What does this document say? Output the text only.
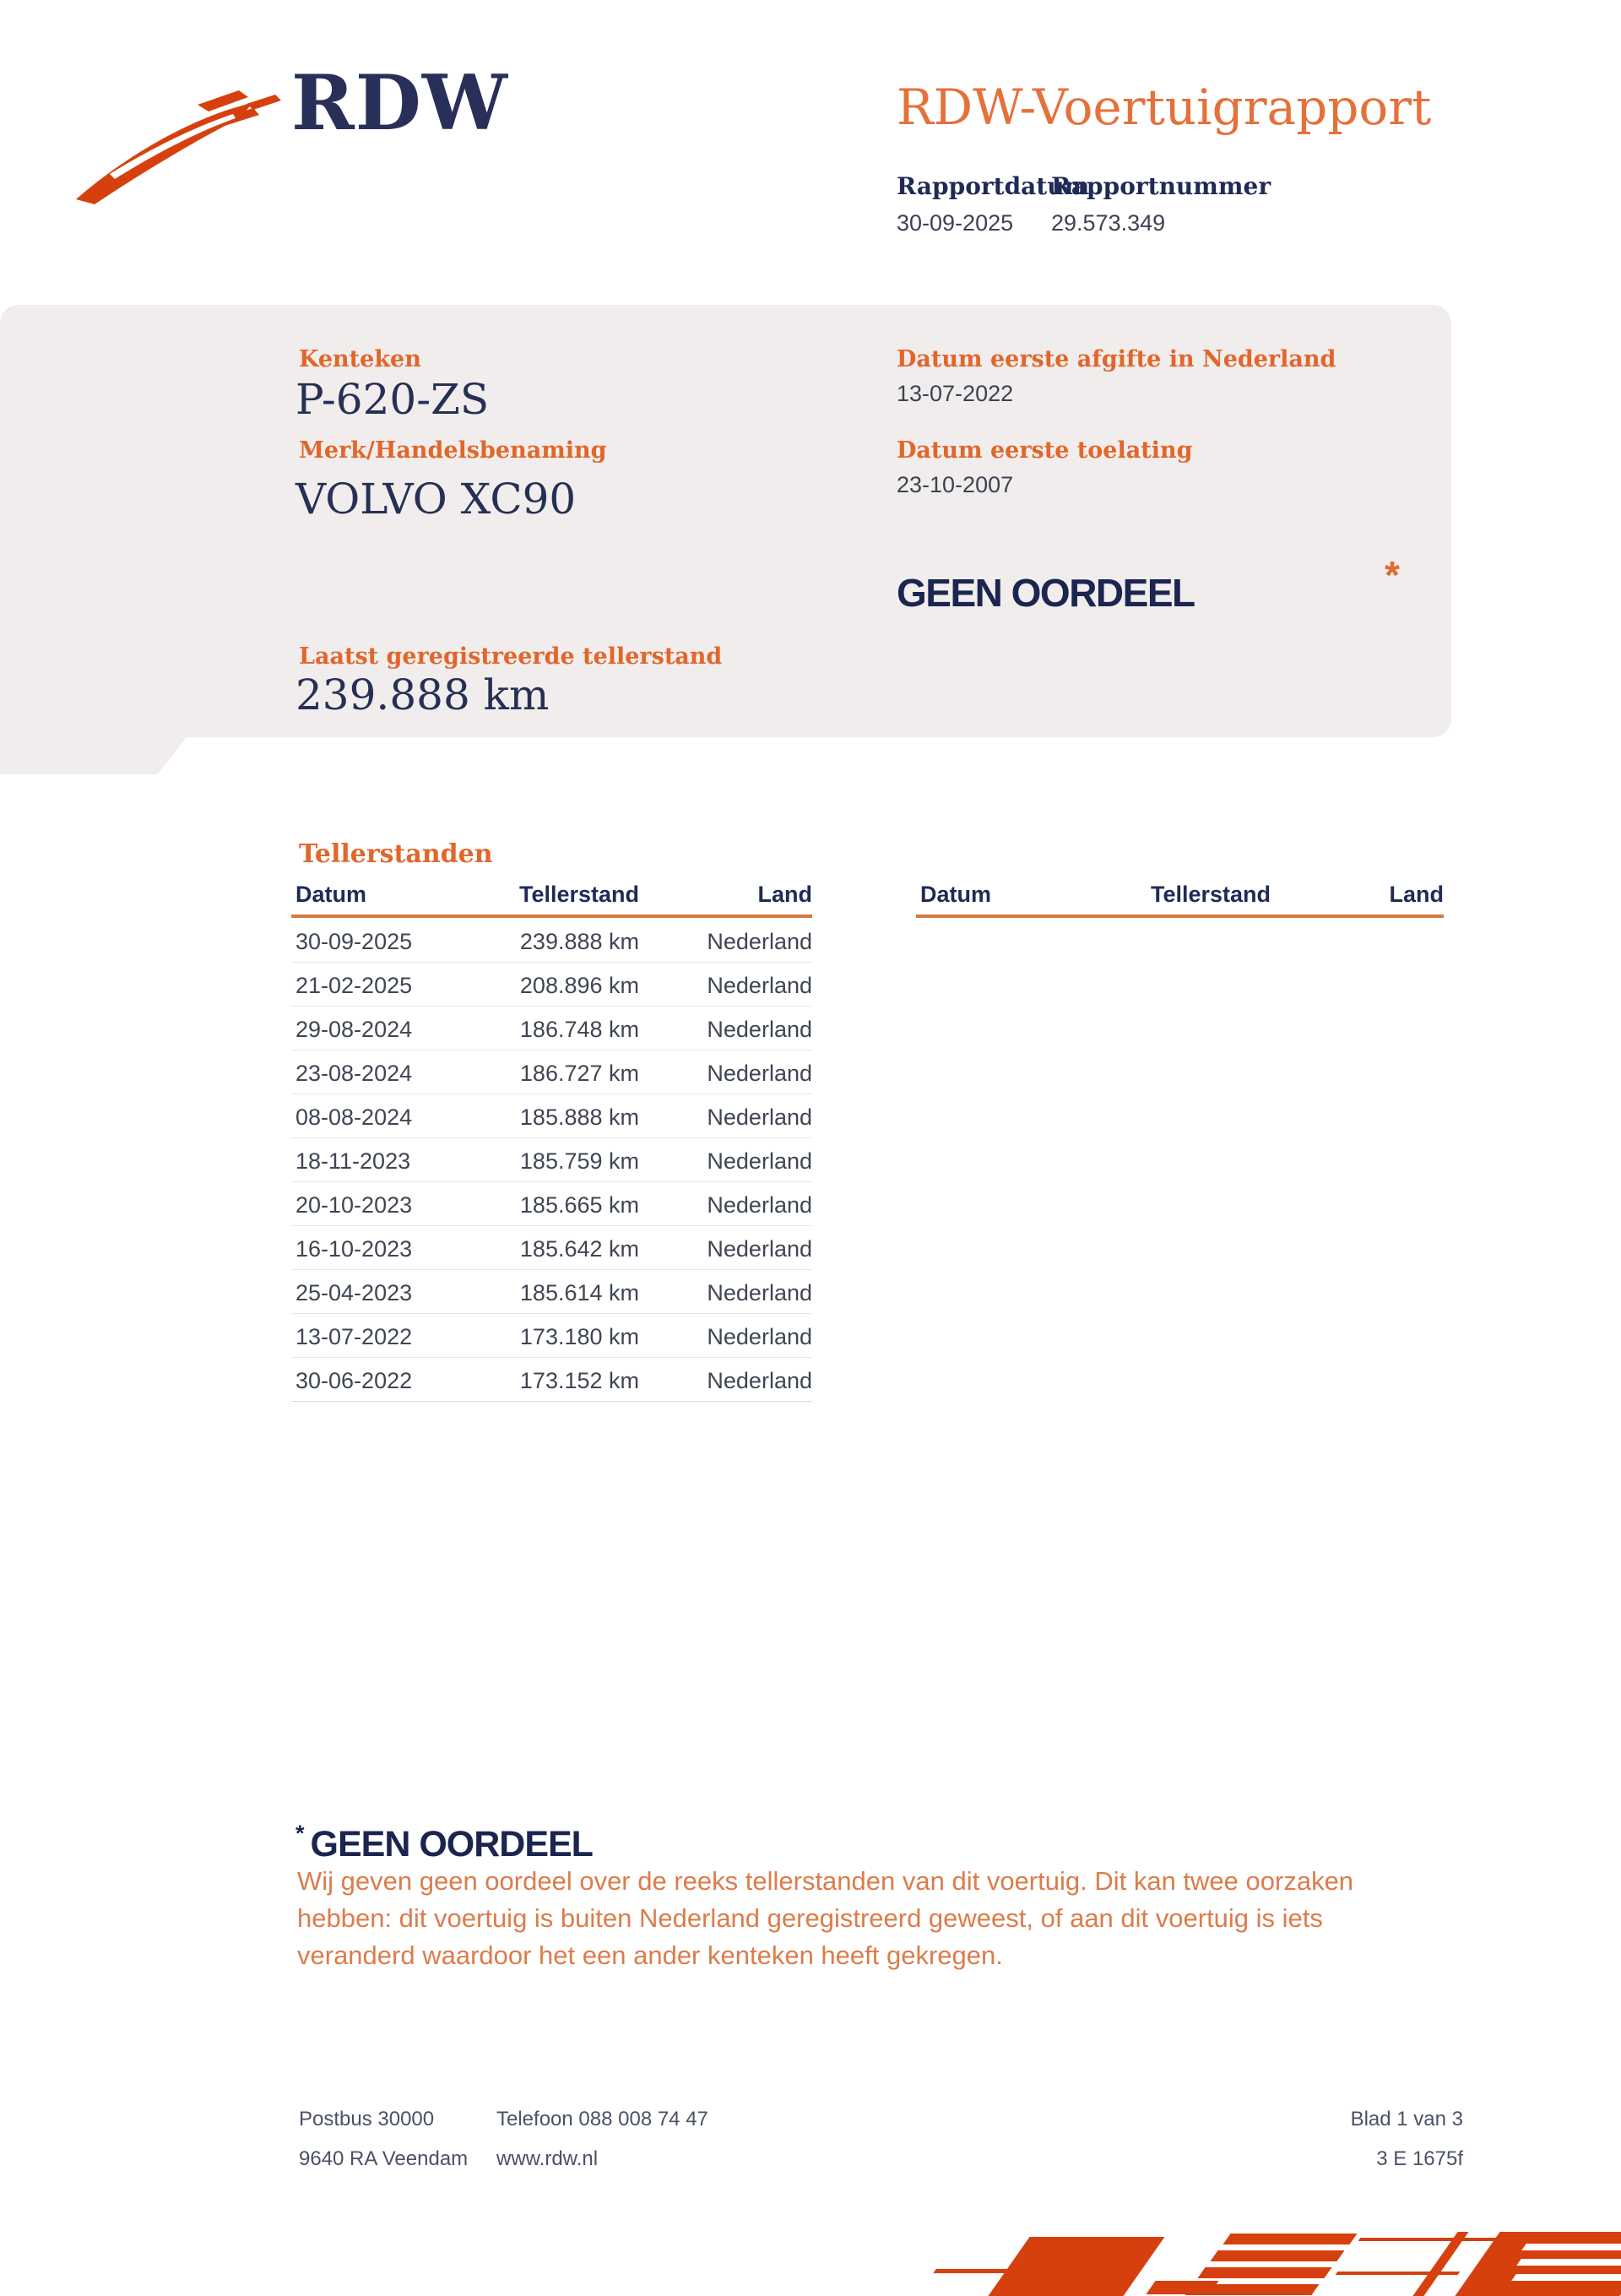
RDW	RDW-Voertuigrapport
Rapportdatum
Rapportnummer
30-09-2025 29.573.349
Kenteken
P-620-ZS
Merk/Handelsbenaming
VOLVO XC90
Datum eerste afgifte in Nederland
13-07-2022
Datum eerste toelating
23-10-2007
GEEN OORDEEL	*
Laatst geregistreerde tellerstand
239.888 km
Tellerstanden
Datum	Tellerstand	Land	Datum	Tellerstand	Land
30-09-2025	239.888 km	Nederland
21-02-2025	208.896 km	Nederland
29-08-2024	186.748 km	Nederland
23-08-2024	186.727 km	Nederland
08-08-2024	185.888 km	Nederland
18-11-2023	185.759 km	Nederland
20-10-2023	185.665 km	Nederland
16-10-2023	185.642 km	Nederland
25-04-2023	185.614 km	Nederland
13-07-2022	173.180 km	Nederland
30-06-2022	173.152 km	Nederland
* GEEN OORDEEL
Wij geven geen oordeel over de reeks tellerstanden van dit voertuig. Dit kan twee oorzaken hebben: dit voertuig is buiten Nederland geregistreerd geweest, of aan dit voertuig is iets veranderd waardoor het een ander kenteken heeft gekregen.
Postbus 30000
9640 RA Veendam
Telefoon 088 008 74 47
www.rdw.nl
Blad 1 van 3
3 E 1675f
